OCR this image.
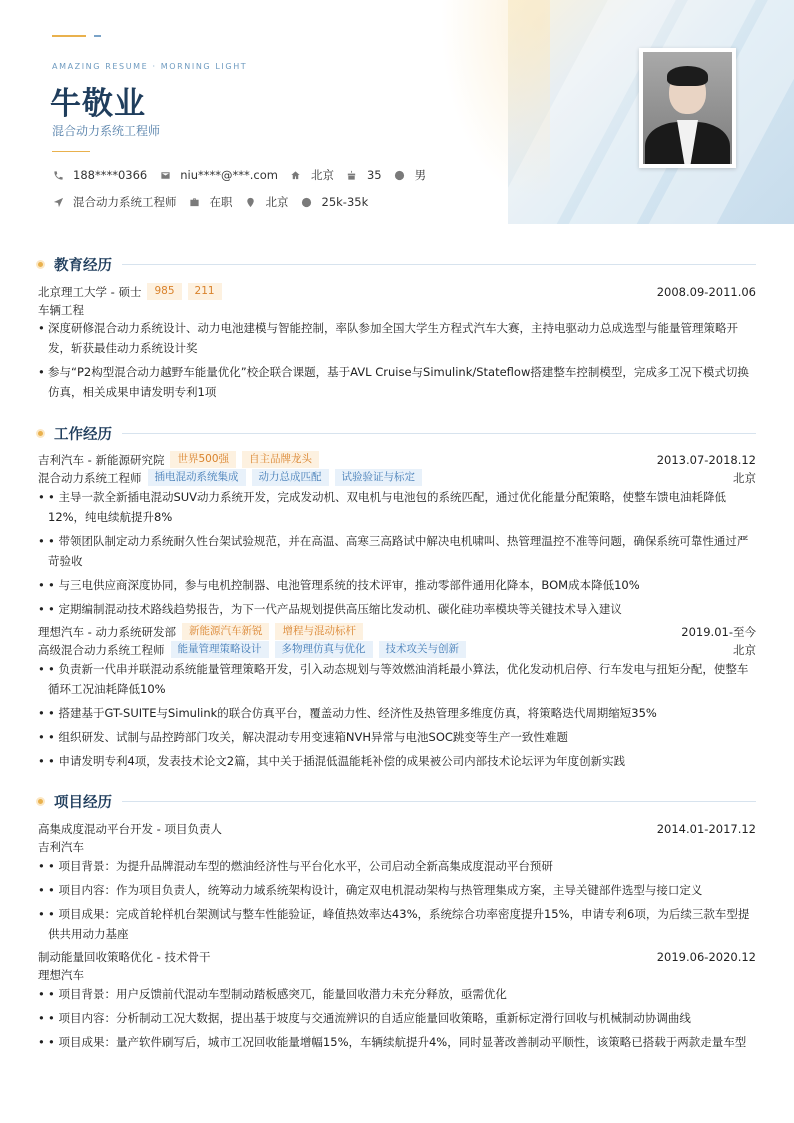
AMAZING RESUME · MORNING LIGHT
牛敬业
混合动力系统工程师
188****0366	niu****@***.com	北京	35	男
混合动力系统工程师	在职	北京	25k-35k
教育经历
北京理工大学 - 硕士	985	211	2008.09-2011.06
车辆工程
• 深度研修混合动力系统设计、动力电池建模与智能控制，率队参加全国大学生方程式汽车大赛，主持电驱动力总成选型与能量管理策略开发，斩获最佳动力系统设计奖
• 参与“P2构型混合动力越野车能量优化”校企联合课题，基于AVL Cruise与Simulink/Stateflow搭建整车控制模型，完成多工况下模式切换仿真，相关成果申请发明专利1项
工作经历
吉利汽车 - 新能源研究院	世界500强	自主品牌龙头	2013.07-2018.12
混合动力系统工程师	插电混动系统集成	动力总成匹配	试验验证与标定	北京
• • 主导一款全新插电混动SUV动力系统开发，完成发动机、双电机与电池包的系统匹配，通过优化能量分配策略，使整车馈电油耗降低12%，纯电续航提升8%
• • 带领团队制定动力系统耐久性台架试验规范，并在高温、高寒三高路试中解决电机啸叫、热管理温控不准等问题，确保系统可靠性通过严苛验收
• • 与三电供应商深度协同，参与电机控制器、电池管理系统的技术评审，推动零部件通用化降本，BOM成本降低10%
• • 定期编制混动技术路线趋势报告，为下一代产品规划提供高压缩比发动机、碳化硅功率模块等关键技术导入建议
理想汽车 - 动力系统研发部	新能源汽车新锐	增程与混动标杆	2019.01-至今
高级混合动力系统工程师	能量管理策略设计	多物理仿真与优化	技术攻关与创新	北京
• • 负责新一代串并联混动系统能量管理策略开发，引入动态规划与等效燃油消耗最小算法，优化发动机启停、行车发电与扭矩分配，使整车循环工况油耗降低10%
• • 搭建基于GT-SUITE与Simulink的联合仿真平台，覆盖动力性、经济性及热管理多维度仿真，将策略迭代周期缩短35%
• • 组织研发、试制与品控跨部门攻关，解决混动专用变速箱NVH异常与电池SOC跳变等生产一致性难题
• • 申请发明专利4项，发表技术论文2篇，其中关于插混低温能耗补偿的成果被公司内部技术论坛评为年度创新实践
项目经历
高集成度混动平台开发 - 项目负责人	2014.01-2017.12
吉利汽车
• • 项目背景：为提升品牌混动车型的燃油经济性与平台化水平，公司启动全新高集成度混动平台预研
• • 项目内容：作为项目负责人，统筹动力域系统架构设计，确定双电机混动架构与热管理集成方案，主导关键部件选型与接口定义
• • 项目成果：完成首轮样机台架测试与整车性能验证，峰值热效率达43%，系统综合功率密度提升15%，申请专利6项，为后续三款车型提供共用动力基座
制动能量回收策略优化 - 技术骨干	2019.06-2020.12
理想汽车
• • 项目背景：用户反馈前代混动车型制动踏板感突兀，能量回收潜力未充分释放，亟需优化
• • 项目内容：分析制动工况大数据，提出基于坡度与交通流辨识的自适应能量回收策略，重新标定滑行回收与机械制动协调曲线
• • 项目成果：量产软件刷写后，城市工况回收能量增幅15%，车辆续航提升4%，同时显著改善制动平顺性，该策略已搭载于两款走量车型
